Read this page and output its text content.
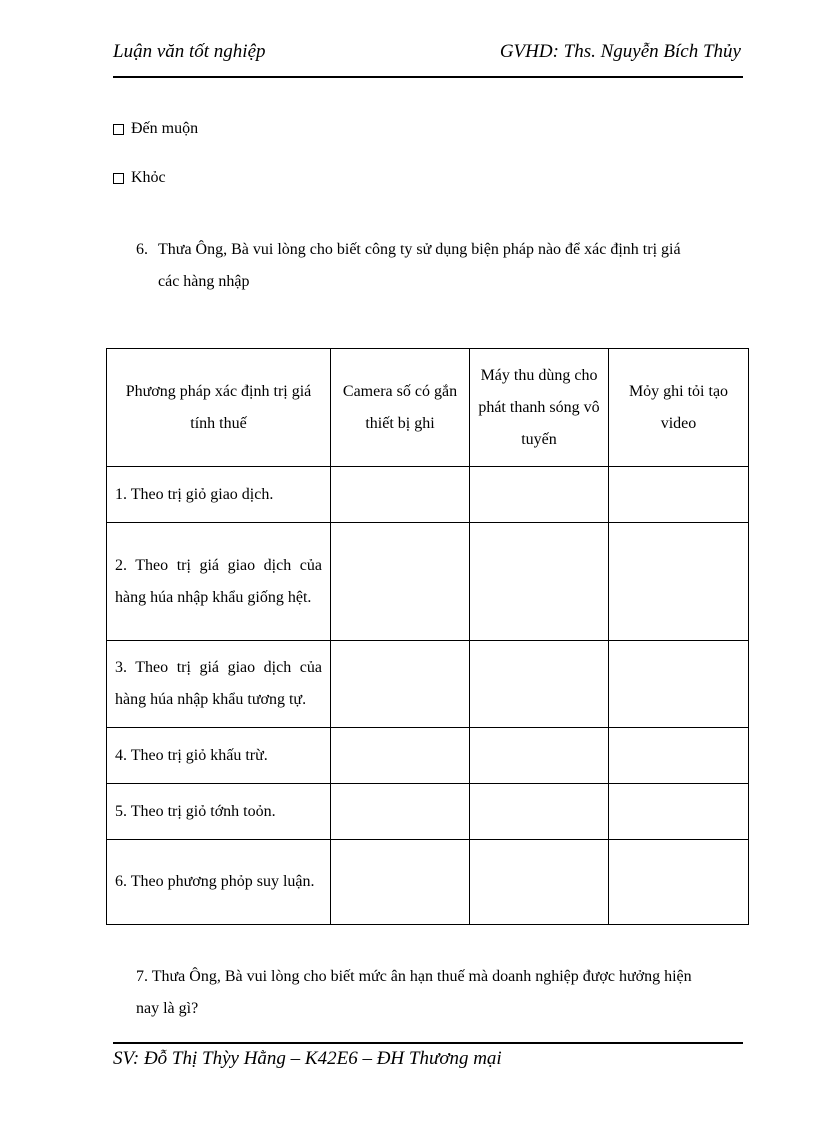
Luận văn tốt nghiệp	GVHD: Ths. Nguyễn Bích Thủy
Đến muộn
Khỏc
6. Thưa Ông, Bà vui lòng cho biết công ty sử dụng biện pháp nào để xác định trị giá
các hàng nhập
Phương pháp xác định trị giá tính thuế	Camera số có gắn thiết bị ghi	Máy thu dùng cho phát thanh sóng vô tuyến	Mỏy ghi tỏi tạo video
1. Theo trị giỏ giao dịch.			
2. Theo trị giá giao dịch của hàng húa nhập khẩu giống hệt.			
3. Theo trị giá giao dịch của hàng húa nhập khẩu tương tự.			
4. Theo trị giỏ khấu trừ.			
5. Theo trị giỏ tớnh toỏn.			
6. Theo phương phỏp suy luận.			
7. Thưa Ông, Bà vui lòng cho biết mức ân hạn thuế mà doanh nghiệp được hưởng hiện
nay là gì?
SV: Đỗ Thị Thỳy Hằng – K42E6 – ĐH Thương mại
